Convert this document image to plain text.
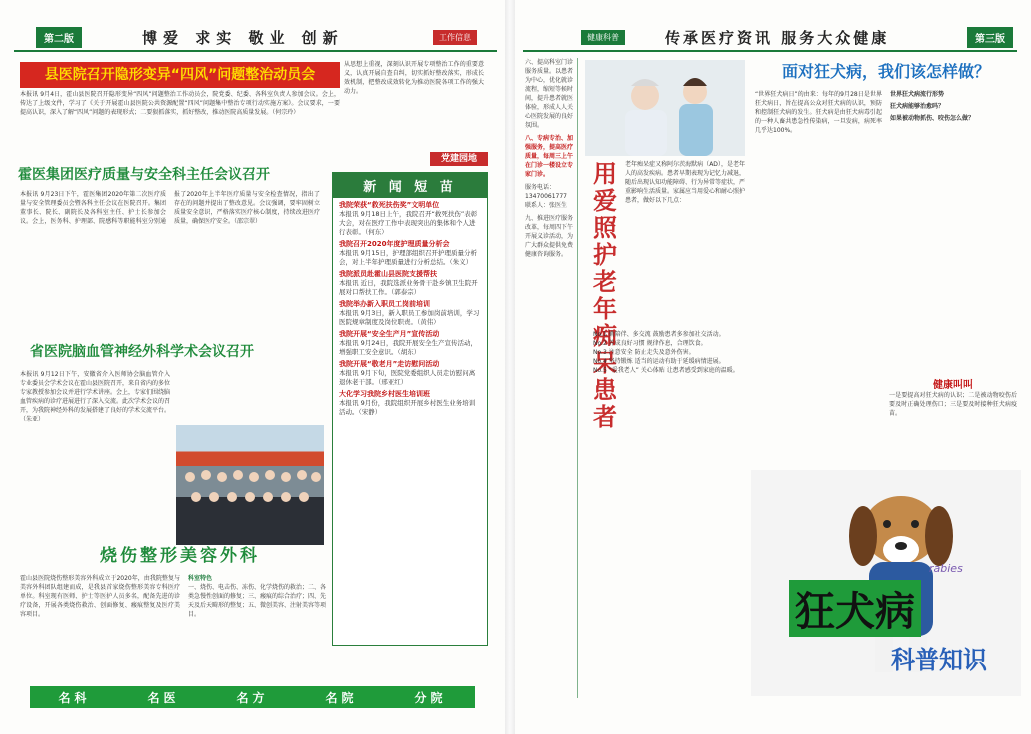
第二版	博爱 求实 敬业 创新	工作信息
县医院召开隐形变异“四风”问题整治动员会
本报讯 9月4日，霍山县医院召开隐形变异“四风”问题整治工作动员会，院党委、纪委、各科室负责人参加会议。会上，传达了上级文件，学习了《关于开展霍山县医院公共资源配置“四风”问题集中整治专项行动实施方案》。会议要求，一要提高认识，深入了解“四风”问题的表现形式；二要狠抓落实，抓好整改，推动医院高质量发展。（何宗玲）
从思想上重视，深刻认识开展专项整治工作的重要意义，认真开展自查自纠，切实抓好整改落实，形成长效机制，把整改成效转化为推动医院各项工作的强大动力。
党建园地
霍医集团医疗质量与安全科主任会议召开
本报讯 9月23日下午，霍医集团2020年第二次医疗质量与安全管理委员会暨各科主任会议在医院召开。集团董事长、院长、副院长及各科室主任、护士长参加会议。会上，医务科、护理部、院感科等职能科室分别通报了2020年上半年医疗质量与安全检查情况，指出了存在的问题并提出了整改意见。会议强调，要牢固树立质量安全意识，严格落实医疗核心制度，持续改进医疗质量，确保医疗安全。（邵宗翠）
省医院脑血管神经外科学术会议召开
本报讯 9月12日下午，安徽省介入医师协会脑血管介入专业委员会学术会议在霍山县医院召开，来自省内的多位专家教授参加会议并进行学术讲座。会上，专家们围绕脑血管疾病的诊疗进展进行了深入交流。此次学术会议的召开，为我院神经外科的发展搭建了良好的学术交流平台。（朱亚）
新 闻 短 苗
我院荣获“救死扶伤奖”文明单位
本报讯 9月18日上午，我院召开“救死扶伤”表彰大会，对在医疗工作中表现突出的集体和个人进行表彰。（何东）
我院召开2020年度护理质量分析会
本报讯 9月15日，护理部组织召开护理质量分析会，对上半年护理质量进行分析总结。（朱义）
我院派员赴霍山县医院支援帮扶
本报讯 近日，我院选派业务骨干赴乡镇卫生院开展对口帮扶工作。（郭泰宗）
我院举办新入职员工岗前培训
本报讯 9月3日，新入职员工参加岗前培训，学习医院规章制度及岗位职责。（黄伟）
我院开展“安全生产月”宣传活动
本报讯 9月24日，我院开展安全生产宣传活动，增强职工安全意识。（胡东）
我院开展“敬老月”走访慰问活动
本报讯 9月下旬，医院党委组织人员走访慰问离退休老干部。（邢亚红）
大化学习我院乡村医生培训班
本报讯 9月份，我院组织开展乡村医生业务培训活动。（宋静）
烧伤整形美容外科
霍山县医院烧伤整形美容外科成立于2020年，由我院整复与美容外科团队组建而成，是我县首家烧伤整形美容专科医疗单位。科室现有医师、护士等医护人员多名，配备先进的诊疗设备，开展各类烧伤救治、创面修复、瘢痕整复及医疗美容项目。
科室特色
一、烧伤、电击伤、冻伤、化学烧伤的救治；二、各类急慢性创面的修复；三、瘢痕的综合治疗；四、先天及后天畸形的整复；五、微创美容、注射美容等项目。
名科	名医	名方	名院	分院
健康科普	传承医疗资讯 服务大众健康	第三版
六、提高科室门诊服务质量。以患者为中心，优化就诊流程，缩短等候时间，提升患者就医体验，形成人人关心医院发展的良好氛围。
八、专病专治、加强服务，提高医疗质量，每周三上午在门诊一楼设立专家门诊。
服务电话：13470061777 联系人：张医生
九、推进医疗服务改革，每周四下午开展义诊活动，为广大群众提供免费健康咨询服务。
用爱照护老年痴呆患者
老年痴呆症又称阿尔茨海默病（AD），是老年人的高发疾病。患者早期表现为记忆力减退，随后出现认知功能障碍、行为异常等症状，严重影响生活质量。家属应当用爱心和耐心照护患者，做好以下几点：
No.1 勤陪伴、多交流 鼓励患者多参加社交活动。
No.2 养成良好习惯 规律作息，合理饮食。
No.3 注意安全 防止走失及意外伤害。
No.4 坚持锻炼 适当的运动有助于延缓病情进展。
No.5 “爱我老人” 关心体贴 让患者感受到家庭的温暖。
面对狂犬病，我们该怎样做？
“世界狂犬病日”的由来：每年的9月28日是世界狂犬病日，旨在提高公众对狂犬病的认识，预防和控制狂犬病的发生。狂犬病是由狂犬病毒引起的一种人畜共患急性传染病，一旦发病，病死率几乎达100%。
世界狂犬病流行形势
狂犬病能够治愈吗？
如果被动物抓伤、咬伤怎么做？
健康叫叫
一是要提高对狂犬病的认识；二是被动物咬伤后要及时正确处理伤口；三是要及时接种狂犬病疫苗。
狂犬病
rabies
科普知识
